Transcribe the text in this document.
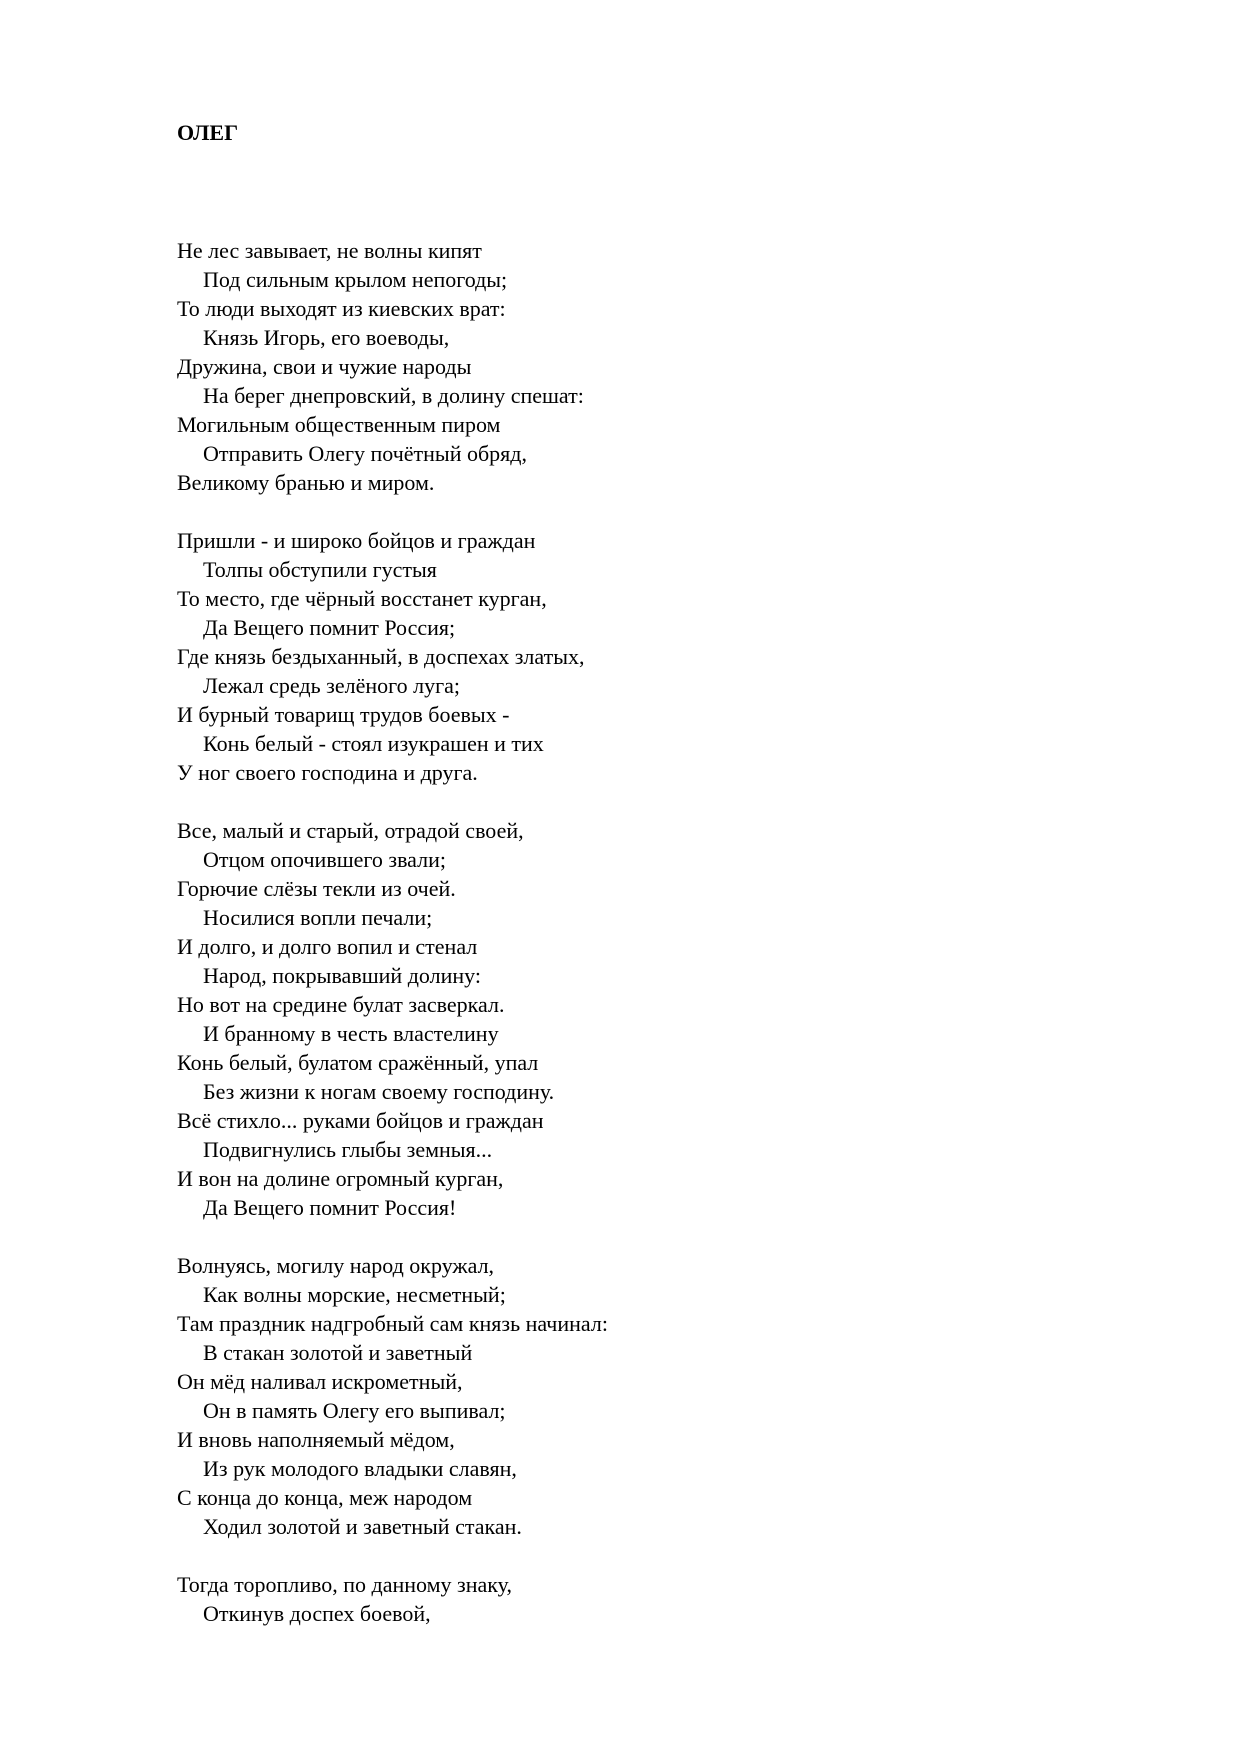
ОЛЕГ
Не лес завывает, не волны кипят
Под сильным крылом непогоды;
То люди выходят из киевских врат:
Князь Игорь, его воеводы,
Дружина, свои и чужие народы
На берег днепровский, в долину спешат:
Могильным общественным пиром
Отправить Олегу почётный обряд,
Великому бранью и миром.
Пришли - и широко бойцов и граждан
Толпы обступили густыя
То место, где чёрный восстанет курган,
Да Вещего помнит Россия;
Где князь бездыханный, в доспехах златых,
Лежал средь зелёного луга;
И бурный товарищ трудов боевых -
Конь белый - стоял изукрашен и тих
У ног своего господина и друга.
Все, малый и старый, отрадой своей,
Отцом опочившего звали;
Горючие слёзы текли из очей.
Носилися вопли печали;
И долго, и долго вопил и стенал
Народ, покрывавший долину:
Но вот на средине булат засверкал.
И бранному в честь властелину
Конь белый, булатом сражённый, упал
Без жизни к ногам своему господину.
Всё стихло... руками бойцов и граждан
Подвигнулись глыбы земныя...
И вон на долине огромный курган,
Да Вещего помнит Россия!
Волнуясь, могилу народ окружал,
Как волны морские, несметный;
Там праздник надгробный сам князь начинал:
В стакан золотой и заветный
Он мёд наливал искрометный,
Он в память Олегу его выпивал;
И вновь наполняемый мёдом,
Из рук молодого владыки славян,
С конца до конца, меж народом
Ходил золотой и заветный стакан.
Тогда торопливо, по данному знаку,
Откинув доспех боевой,
